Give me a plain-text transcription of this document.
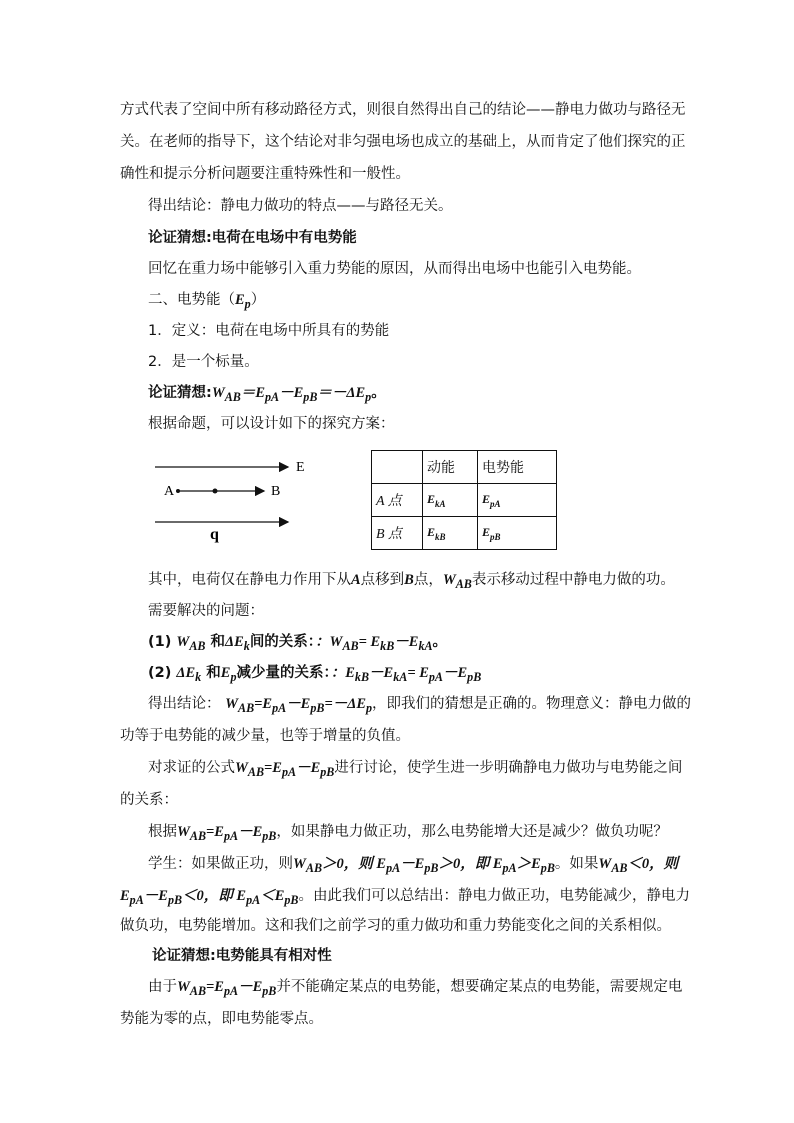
方式代表了空间中所有移动路径方式，则很自然得出自己的结论——静电力做功与路径无
关。在老师的指导下，这个结论对非匀强电场也成立的基础上，从而肯定了他们探究的正
确性和提示分析问题要注重特殊性和一般性。
得出结论：静电力做功的特点——与路径无关。
论证猜想:电荷在电场中有电势能
回忆在重力场中能够引入重力势能的原因，从而得出电场中也能引入电势能。
二、电势能$(E_p)$
1．定义：电荷在电场中所具有的势能
2．是一个标量。
论证猜想$:W_{AB}=E_{pA}-E_{pB}=-\Delta E_p$。
根据命题，可以设计如下的探究方案：
E
A	B
q
	动能	电势能
A 点	$E_{kA}$	$E_{pA}$
B 点	$E_{kB}$	$E_{pB}$
其中，电荷仅在静电力作用下从A点移到B点，$W_{AB}$表示移动过程中静电力做的功。
需要解决的问题：
(1) $W_{AB}$ 和$\Delta E_k$间的关系：：$W_{AB}= E_{kB}-E_{kA}$。
(2) $\Delta E_k$ 和$E_p$减少量的关系：：$E_{kB}-E_{kA}= E_{pA}-E_{pB}$
得出结论： $W_{AB}=E_{pA}-E_{pB}=-\Delta E_p$，即我们的猜想是正确的。物理意义：静电力做的
功等于电势能的减少量，也等于增量的负值。
对求证的公式$W_{AB}=E_{pA}-E_{pB}$进行讨论，使学生进一步明确静电力做功与电势能之间
的关系：
根据$W_{AB}=E_{pA}-E_{pB}$，如果静电力做正功，那么电势能增大还是减少？做负功呢？
学生：如果做正功，则$W_{AB}>0$，则 $E_{pA}-E_{pB}>0$，即 $E_{pA}>E_{pB}$。如果$W_{AB}<0$，则
$E_{pA}-E_{pB}<0$，即 $E_{pA}<E_{pB}$。由此我们可以总结出：静电力做正功，电势能减少，静电力
做负功，电势能增加。这和我们之前学习的重力做功和重力势能变化之间的关系相似。
论证猜想:电势能具有相对性
由于$W_{AB}=E_{pA}-E_{pB}$并不能确定某点的电势能，想要确定某点的电势能，需要规定电
势能为零的点，即电势能零点。
